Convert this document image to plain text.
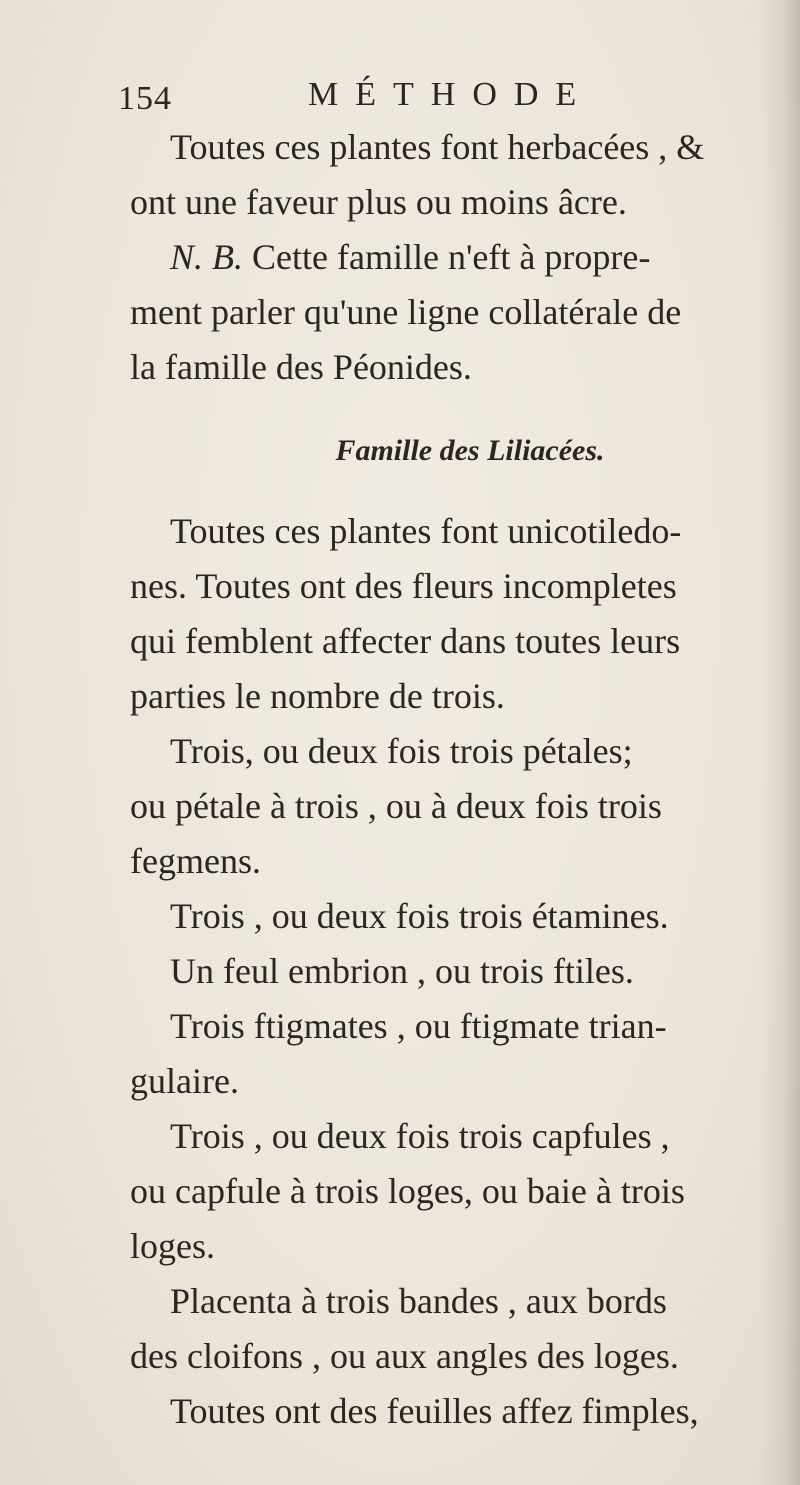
154	MÉTHODE
Toutes ces plantes font herbacées , &
ont une faveur plus ou moins âcre.
N. B. Cette famille n'eft à propre-
ment parler qu'une ligne collatérale de
la famille des Péonides.
Famille des Liliacées.
Toutes ces plantes font unicotiledo-
nes. Toutes ont des fleurs incompletes
qui femblent affecter dans toutes leurs
parties le nombre de trois.
Trois, ou deux fois trois pétales;
ou pétale à trois , ou à deux fois trois
fegmens.
Trois , ou deux fois trois étamines.
Un feul embrion , ou trois ftiles.
Trois ftigmates , ou ftigmate trian-
gulaire.
Trois , ou deux fois trois capfules ,
ou capfule à trois loges, ou baie à trois
loges.
Placenta à trois bandes , aux bords
des cloifons , ou aux angles des loges.
Toutes ont des feuilles affez fimples,
